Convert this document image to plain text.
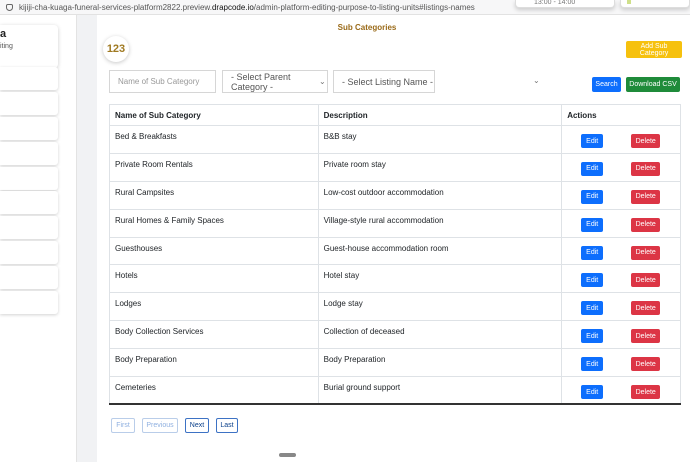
kijiji-cha-kuaga-funeral-services-platform2822.preview. drapcode.io /admin-platform-editing-purpose-to-listing-units#listings-names	13:00 - 14:00
a
iting
Sub Categories
123	Add Sub Category
Name of Sub Category	- Select Parent Category -	⌄ - Select Listing Name -	⌄	Search	Download CSV
Name of Sub Category	Description	Actions
Bed & Breakfasts	B&B stay	Edit Delete

Private Room Rentals	Private room stay	Edit Delete

Rural Campsites	Low-cost outdoor accommodation	Edit Delete

Rural Homes & Family Spaces	Village-style rural accommodation	Edit Delete

Guesthouses	Guest-house accommodation room	Edit Delete

Hotels	Hotel stay	Edit Delete

Lodges	Lodge stay	Edit Delete

Body Collection Services	Collection of deceased	Edit Delete

Body Preparation	Body Preparation	Edit Delete

Cemeteries	Burial ground support	Edit Delete
First	Previous	Next	Last
